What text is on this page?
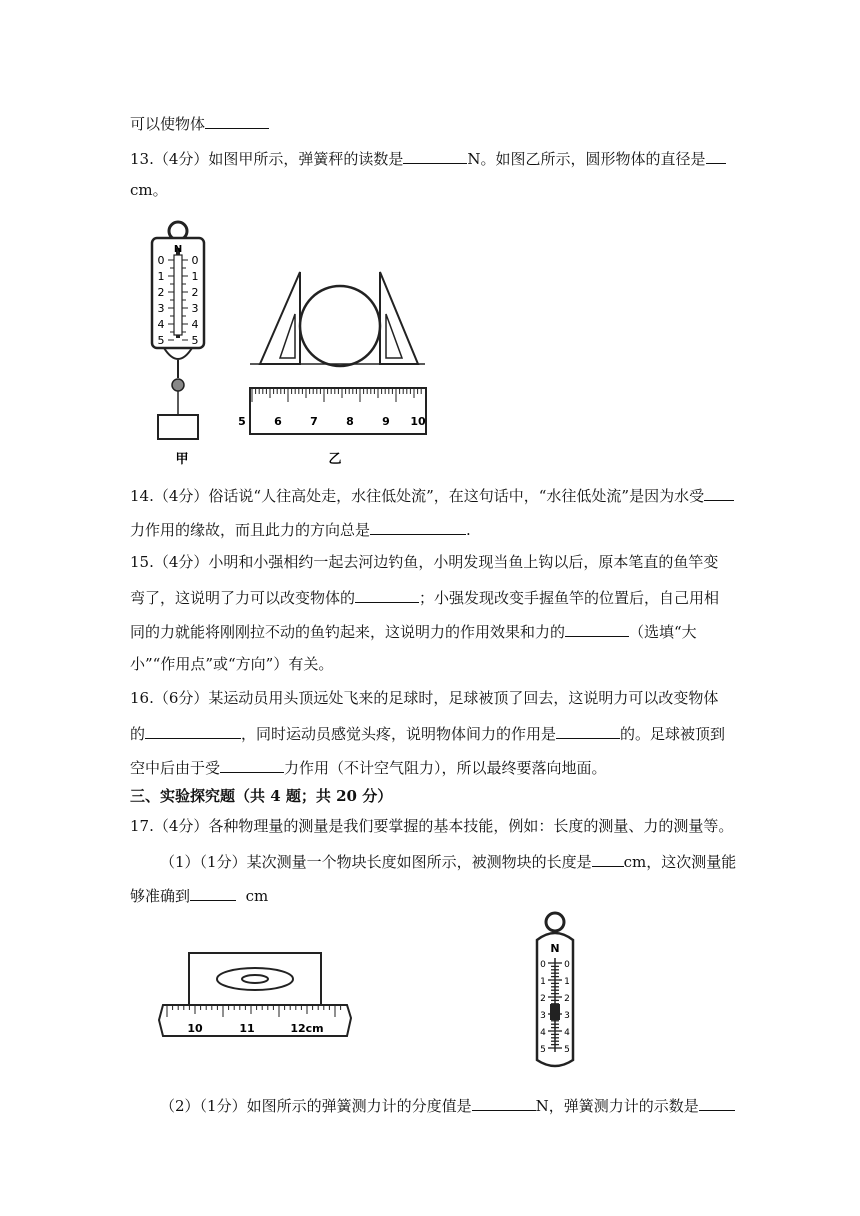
可以使物体
13.（4分）如图甲所示，弹簧秤的读数是	N。如图乙所示，圆形物体的直径是
cm。
N
0
1
2
3
4
5
0
1
2
3
4
5
甲
5	6	7	8	9 10
乙
14.（4分）俗话说“人往高处走，水往低处流”，在这句话中，“水往低处流”是因为水受
力作用的缘故，而且此力的方向总是	.
15.（4分）小明和小强相约一起去河边钓鱼，小明发现当鱼上钩以后，原本笔直的鱼竿变
弯了，这说明了力可以改变物体的	；小强发现改变手握鱼竿的位置后，自己用相
同的力就能将刚刚拉不动的鱼钓起来，这说明力的作用效果和力的	（选填“大
小”“作用点”或“方向”）有关。
16.（6分）某运动员用头顶远处飞来的足球时，足球被顶了回去，这说明力可以改变物体
的	，同时运动员感觉头疼，说明物体间力的作用是	的。足球被顶到
空中后由于受	力作用（不计空气阻力），所以最终要落向地面。
三、实验探究题（共 4 题；共 20 分）
17.（4分）各种物理量的测量是我们要掌握的基本技能，例如：长度的测量、力的测量等。
（1）（1分）某次测量一个物块长度如图所示，被测物块的长度是 cm，这次测量能
够准确到	cm
10	11	12cm
N
0
1
2
3
4
5
0
1
2
3
4
5
（2）（1分）如图所示的弹簧测力计的分度值是	N，弹簧测力计的示数是
